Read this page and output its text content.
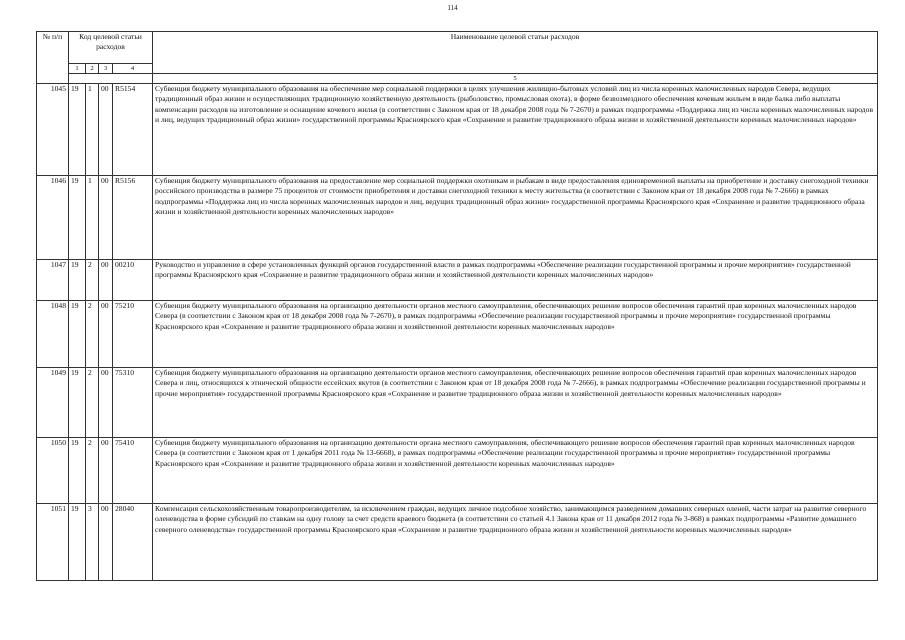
114
№ п/п	Код целевой статьи расходов				Наименование целевой статьи расходов
	1	2	3	4	
					5
1045	19	1	00	R5154	Субвенция бюджету муниципального образования на обеспечение мер социальной поддержки в целях улучшения жилищно-бытовых условий лиц из числа коренных малочисленных народов Севера, ведущих традиционный образ жизни и осуществляющих традиционную хозяйственную деятельность (рыболовство, промысловая охота), в форме безвозмездного обеспечения кочевым жильем в виде балка либо выплаты компенсации расходов на изготовление и оснащение кочевого жилья (в соответствии с Законом края от 18 декабря 2008 года № 7-2670) в рамках подпрограммы «Поддержка лиц из числа коренных малочисленных народов и лиц, ведущих традиционный образ жизни» государственной программы Красноярского края «Сохранение и развитие традиционного образа жизни и хозяйственной деятельности коренных малочисленных народов»
1046	19	1	00	R5156	Субвенция бюджету муниципального образования на предоставление мер социальной поддержки охотникам и рыбакам в виде предоставления единовременной выплаты на приобретение и доставку снегоходной техники российского производства в размере 75 процентов от стоимости приобретения и доставки снегоходной техники к месту жительства (в соответствии с Законом края от 18 декабря 2008 года № 7-2666) в рамках подпрограммы «Поддержка лиц из числа коренных малочисленных народов и лиц, ведущих традиционный образ жизни» государственной программы Красноярского края «Сохранение и развитие традиционного образа жизни и хозяйственной деятельности коренных малочисленных народов»
1047	19	2	00	00210	Руководство и управление в сфере установленных функций органов государственной власти в рамках подпрограммы «Обеспечение реализации государственной программы и прочие мероприятия» государственной программы Красноярского края «Сохранение и развитие традиционного образа жизни и хозяйственной деятельности коренных малочисленных народов»
1048	19	2	00	75210	Субвенция бюджету муниципального образования на организацию деятельности органов местного самоуправления, обеспечивающих решение вопросов обеспечения гарантий прав коренных малочисленных народов Севера (в соответствии с Законом края от 18 декабря 2008 года № 7-2670), в рамках подпрограммы «Обеспечение реализации государственной программы и прочие мероприятия» государственной программы Красноярского края «Сохранение и развитие традиционного образа жизни и хозяйственной деятельности коренных малочисленных народов»
1049	19	2	00	75310	Субвенция бюджету муниципального образования на организацию деятельности органов местного самоуправления, обеспечивающих решение вопросов обеспечения гарантий прав коренных малочисленных народов Севера и лиц, относящихся к этнической общности ессейских якутов (в соответствии с Законом края от 18 декабря 2008 года № 7-2666), в рамках подпрограммы «Обеспечение реализации государственной программы и прочие мероприятия» государственной программы Красноярского края «Сохранение и развитие традиционного образа жизни и хозяйственной деятельности коренных малочисленных народов»
1050	19	2	00	75410	Субвенция бюджету муниципального образования на организацию деятельности органа местного самоуправления, обеспечивающего решение вопросов обеспечения гарантий прав коренных малочисленных народов Севера (в соответствии с Законом края от 1 декабря 2011 года № 13-6668), в рамках подпрограммы «Обеспечение реализации государственной программы и прочие мероприятия» государственной программы Красноярского края «Сохранение и развитие традиционного образа жизни и хозяйственной деятельности коренных малочисленных народов»
1051	19	3	00	28040	Компенсация сельскохозяйственным товаропроизводителям, за исключением граждан, ведущих личное подсобное хозяйство, занимающимся разведением домашних северных оленей, части затрат на развитие северного оленеводства в форме субсидий по ставкам на одну голову за счет средств краевого бюджета (в соответствии со статьей 4.1 Закона края от 11 декабря 2012 года № 3-868) в рамках подпрограммы «Развитие домашнего северного оленеводства» государственной программы Красноярского края «Сохранение и развитие традиционного образа жизни и хозяйственной деятельности коренных малочисленных народов»
